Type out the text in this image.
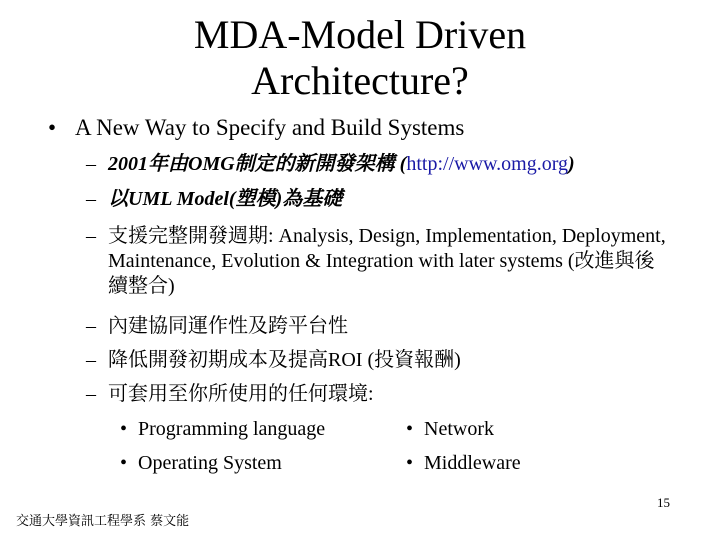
MDA-Model Driven
Architecture?
• A New Way to Specify and Build Systems
– 2001年由OMG制定的新開發架構 (http://www.omg.org)
– 以UML Model(塑模)為基礎
– 支援完整開發週期: Analysis, Design, Implementation, Deployment, Maintenance, Evolution & Integration with later systems (改進與後續整合)
– 內建協同運作性及跨平台性
– 降低開發初期成本及提高ROI (投資報酬)
– 可套用至你所使用的任何環境:
• Programming language
• Operating System
• Network
• Middleware
15
交通大學資訊工程學系 蔡文能
